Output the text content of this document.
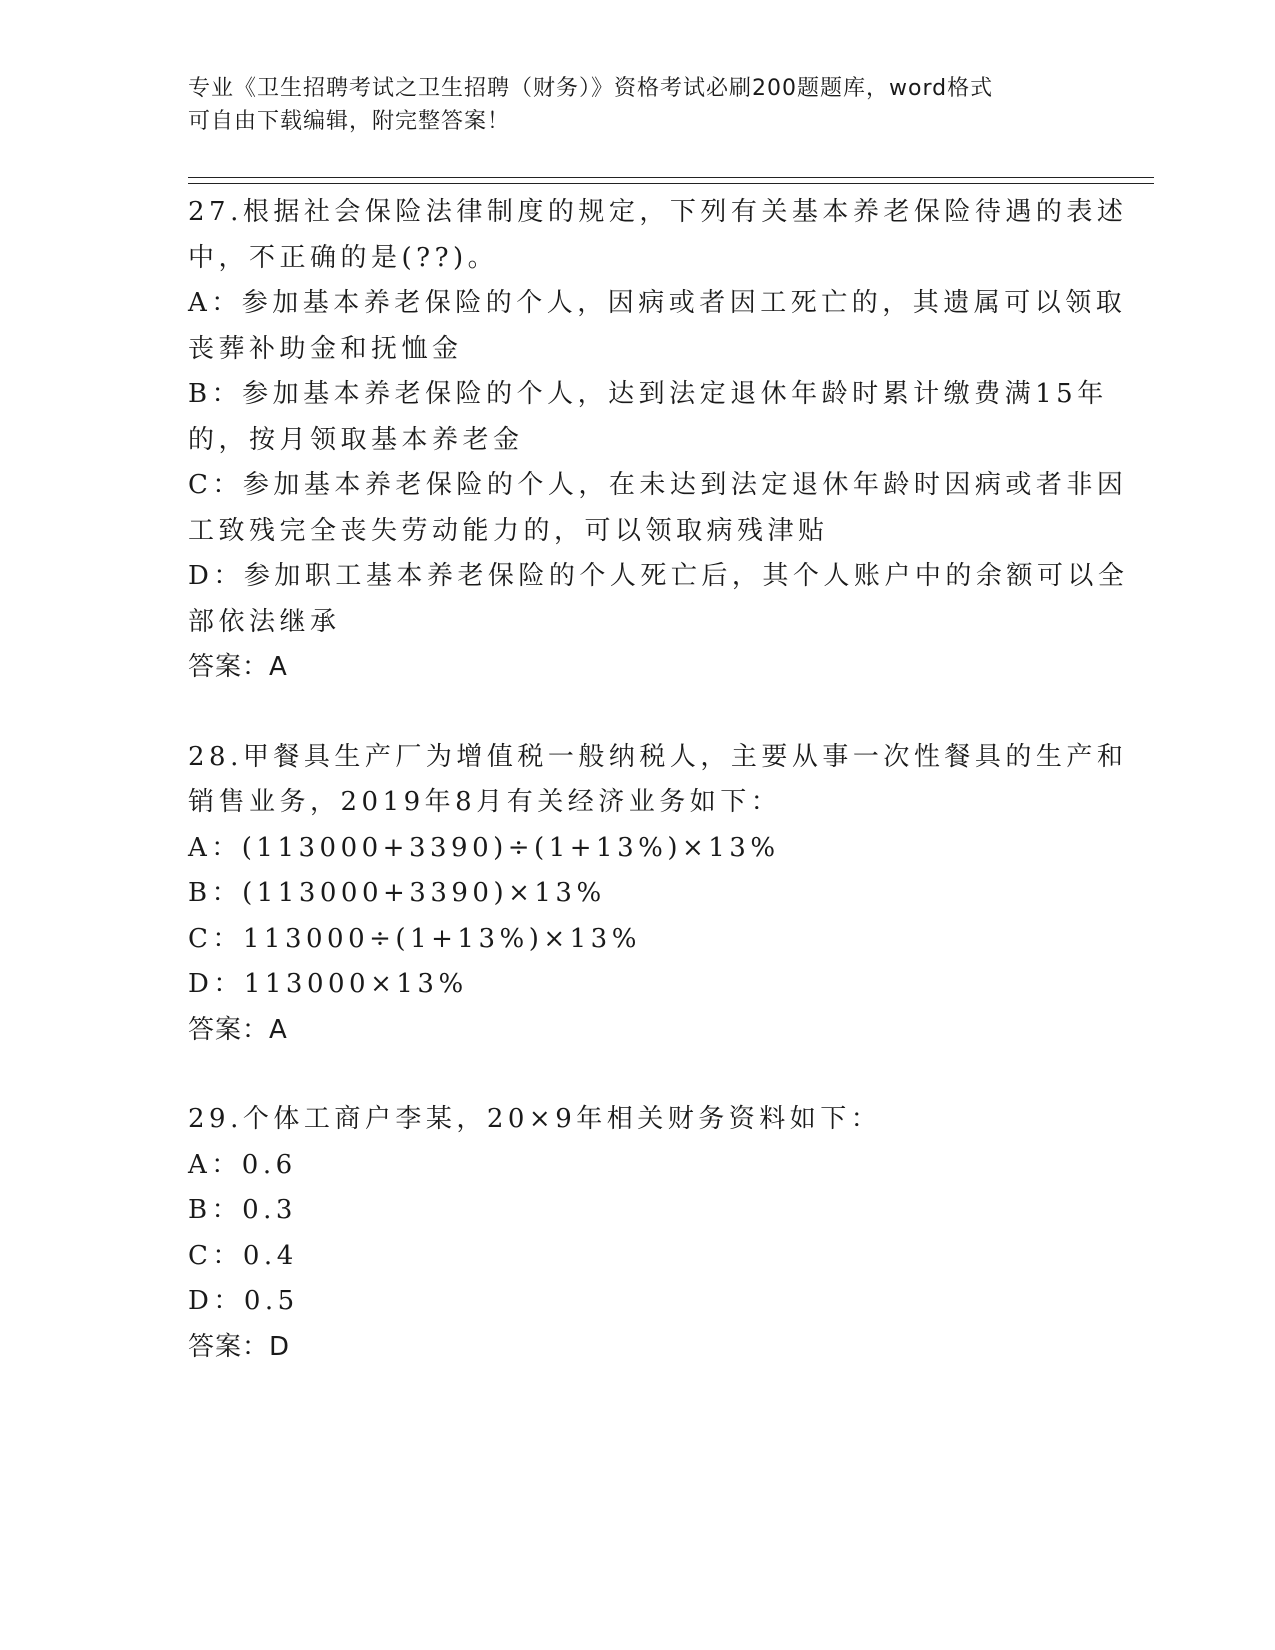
专业《卫生招聘考试之卫生招聘（财务）》资格考试必刷200题题库，word格式
可自由下载编辑，附完整答案！
27.根据社会保险法律制度的规定，下列有关基本养老保险待遇的表述
中，不正确的是(??)。
A：参加基本养老保险的个人，因病或者因工死亡的，其遗属可以领取
丧葬补助金和抚恤金
B：参加基本养老保险的个人，达到法定退休年龄时累计缴费满15年
的，按月领取基本养老金
C：参加基本养老保险的个人，在未达到法定退休年龄时因病或者非因
工致残完全丧失劳动能力的，可以领取病残津贴
D：参加职工基本养老保险的个人死亡后，其个人账户中的余额可以全
部依法继承
答案：A
28.甲餐具生产厂为增值税一般纳税人，主要从事一次性餐具的生产和
销售业务，2019年8月有关经济业务如下：
A：(113000+3390)÷(1+13%)×13%
B：(113000+3390)×13%
C：113000÷(1+13%)×13%
D：113000×13%
答案：A
29.个体工商户李某，20×9年相关财务资料如下：
A：0.6
B：0.3
C：0.4
D：0.5
答案：D
